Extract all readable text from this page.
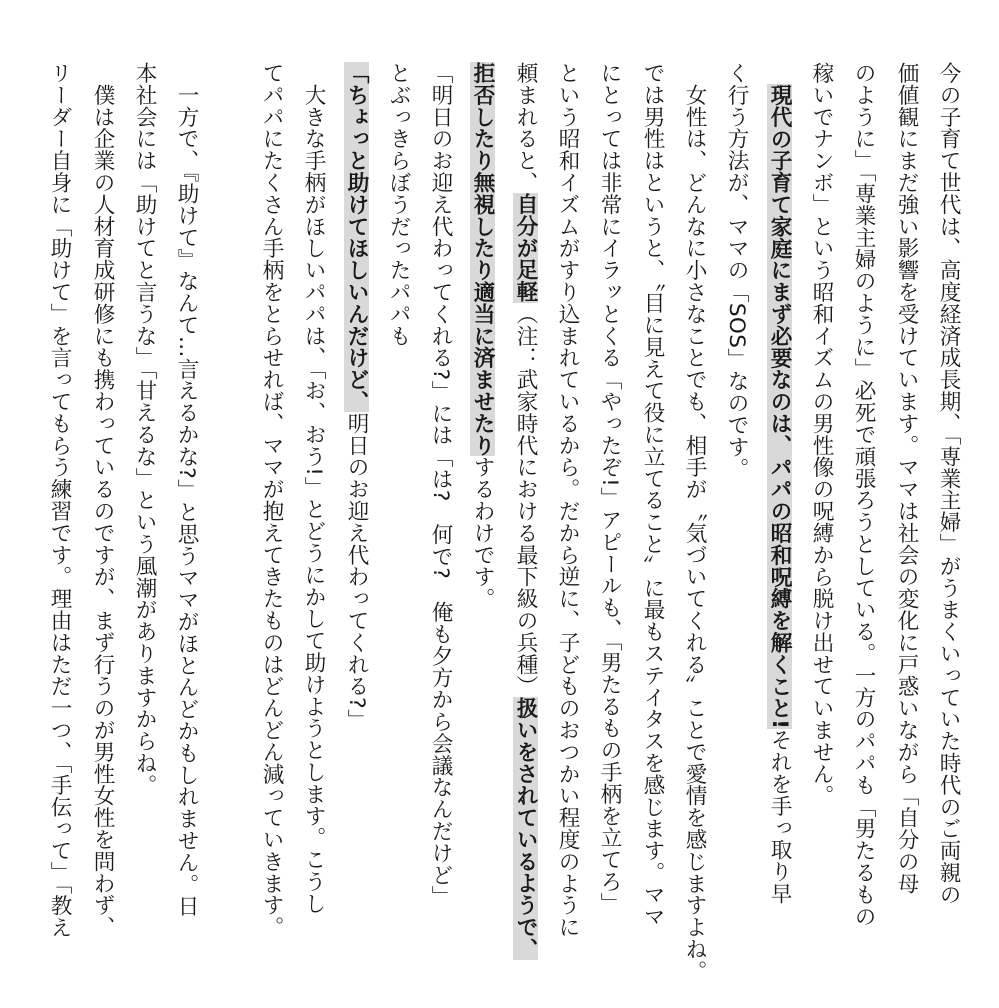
今の子育て世代は、高度経済成長期、「専業主婦」がうまくいっていた時代のご両親の
価値観にまだ強い影響を受けています。ママは社会の変化に戸惑いながら「自分の母
のように」「専業主婦のように」必死で頑張ろうとしている。一方のパパも「男たるもの
稼いでナンボ」という昭和イズムの男性像の呪縛から脱け出せていません。
　現代の子育て家庭にまず必要なのは、パパの昭和呪縛を解くこと!それを手っ取り早
く行う方法が、ママの「SOS」なのです。
　女性は、どんなに小さなことでも、相手が〝気づいてくれる〟ことで愛情を感じますよね。
では男性はというと、〝目に見えて役に立てること〟に最もステイタスを感じます。ママ
にとっては非常にイラッとくる「やったぞ!」アピールも、「男たるもの手柄を立てろ」
という昭和イズムがすり込まれているから。だから逆に、子どものおつかい程度のように
頼まれると、自分が足軽（注：武家時代における最下級の兵種）扱いをされているようで、
拒否したり無視したり適当に済ませたりするわけです。
「明日のお迎え代わってくれる?」には「は?　何で?　俺も夕方から会議なんだけど」
とぶっきらぼうだったパパも
「ちょっと助けてほしいんだけど、明日のお迎え代わってくれる?」
　大きな手柄がほしいパパは、「お、おう!」とどうにかして助けようとします。こうし
てパパにたくさん手柄をとらせれば、ママが抱えてきたものはどんどん減っていきます。
　一方で、『助けて』なんて…言えるかな?」と思うママがほとんどかもしれません。日
本社会には「助けてと言うな」「甘えるな」という風潮がありますからね。
　僕は企業の人材育成研修にも携わっているのですが、まず行うのが男性女性を問わず、
リーダー自身に「助けて」を言ってもらう練習です。理由はただ一つ、「手伝って」「教え
